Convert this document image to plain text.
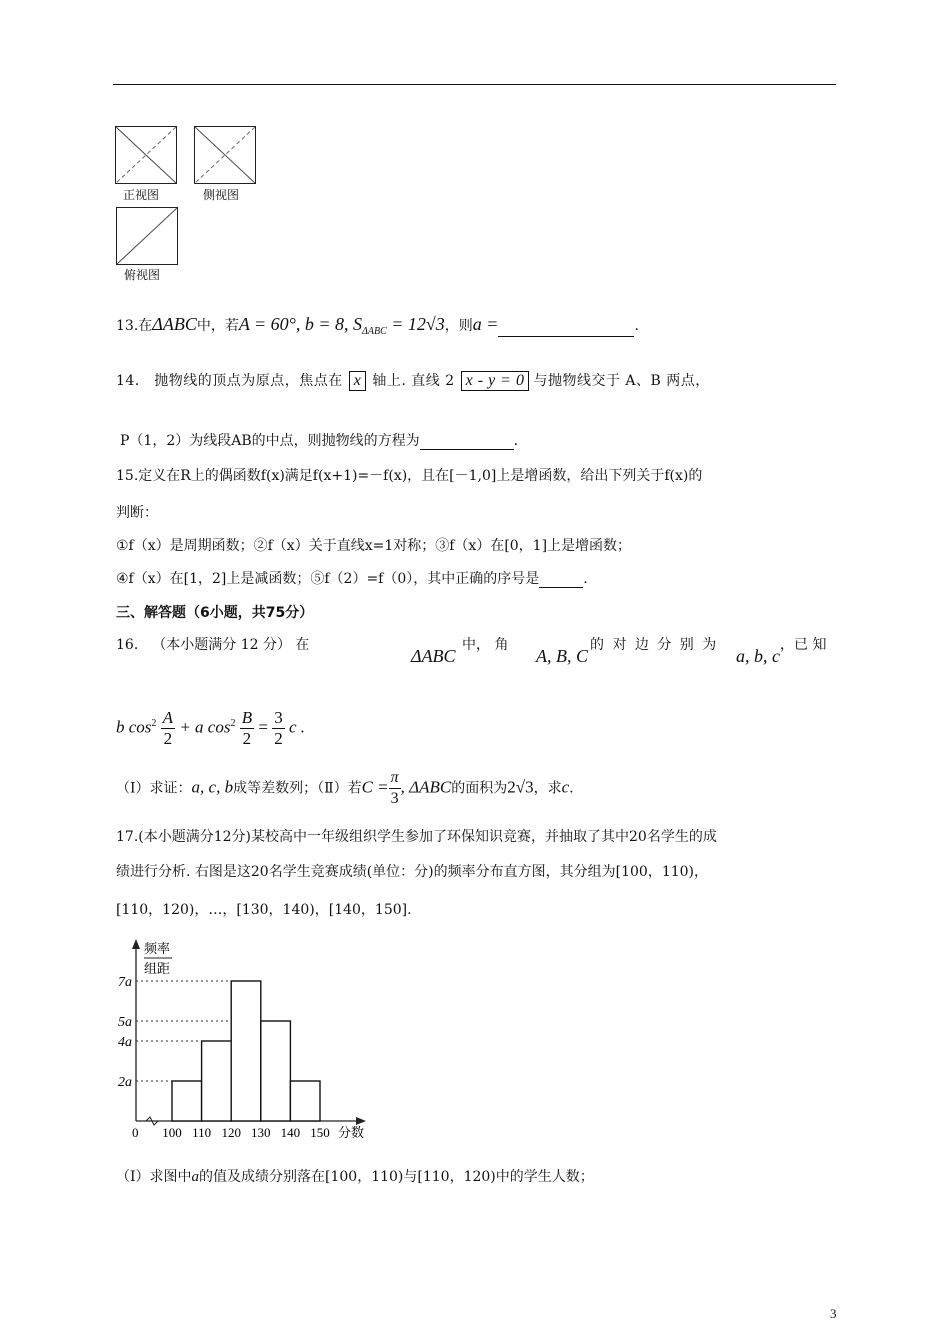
正视图	侧视图
俯视图
13.在ΔABC中，若A = 60°, b = 8, $S_{\Delta ABC} = 12√3$，则a =	.
14． 抛物线的顶点为原点，焦点在 x 轴上. 直线 2 x - y = 0 与抛物线交于 A、B 两点，
P（1，2）为线段AB的中点，则抛物线的方程为	.
15.定义在R上的偶函数f(x)满足f(x+1)=－f(x)，且在[－1,0]上是增函数，给出下列关于f(x)的
判断：
①f（x）是周期函数；②f（x）关于直线x=1对称；③f（x）在[0，1]上是增函数；
④f（x）在[1，2]上是减函数；⑤f（2）=f（0），其中正确的序号是	.
三、解答题（6小题，共75分）
16． （本小题满分 12 分） 在
ΔABC
中， 角
A, B, C
的 对 边 分 别 为
a, b, c
，已 知
b $\cos^2 \frac{A}{2} + a$ $\cos^2 \frac{B}{2} = \frac{3}{2}$ c .
（Ⅰ）求证：a, c, b成等差数列；（Ⅱ）若$C = \frac{\pi}{3}$ , ΔABC的面积为2√3，求c.
17.(本小题满分12分)某校高中一年级组织学生参加了环保知识竞赛，并抽取了其中20名学生的成
绩进行分析. 右图是这20名学生竞赛成绩(单位：分)的频率分布直方图，其分组为[100，110)，
[110，120)，…，[130，140)，[140，150].
2a
4a
5a
7a
100 110 120 130 140 150
频率
组距
分数
0
（Ⅰ）求图中a的值及成绩分别落在[100，110)与[110，120)中的学生人数；
3
